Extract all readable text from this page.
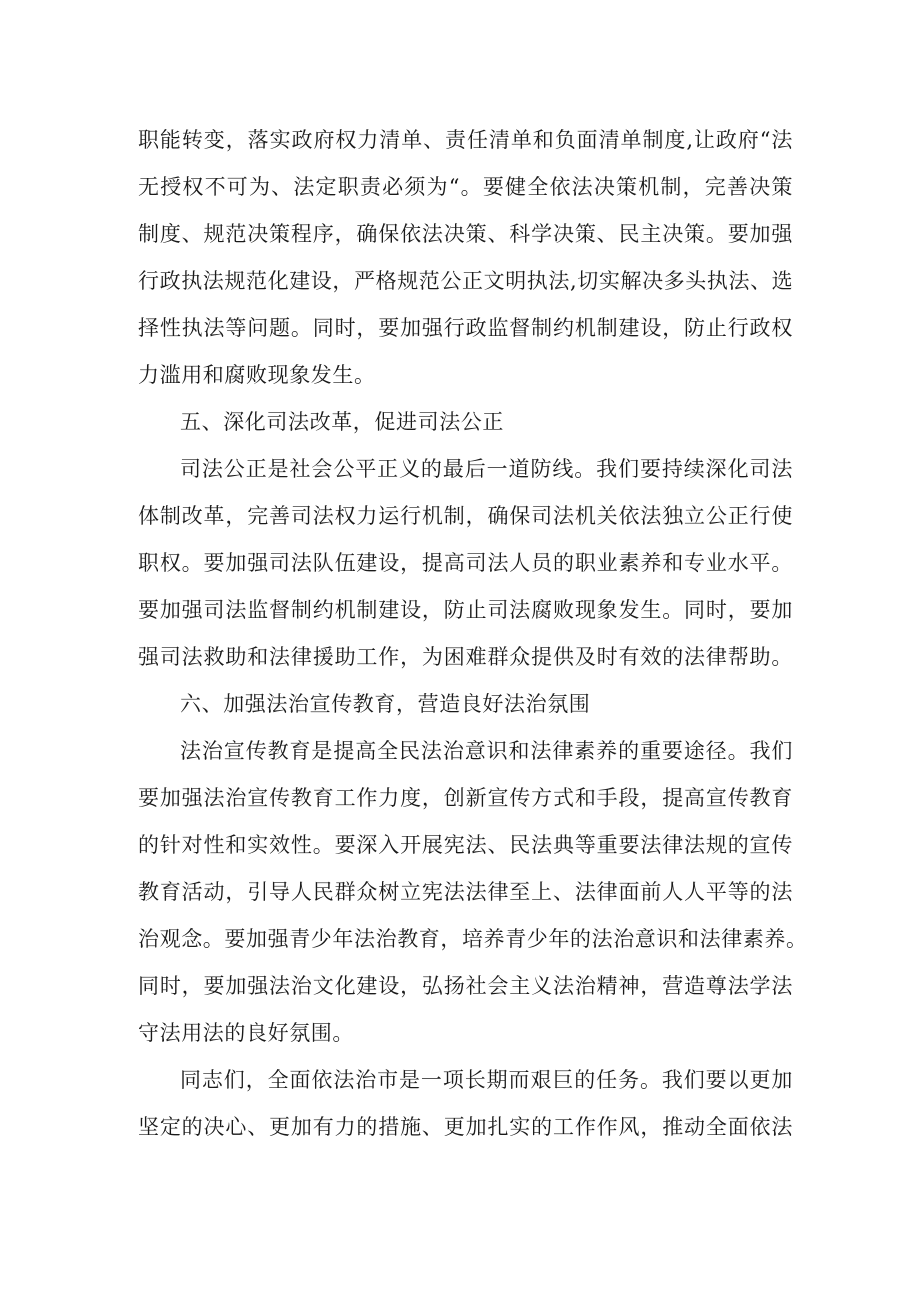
职能转变，落实政府权力清单、责任清单和负面清单制度,让政府“法
无授权不可为、法定职责必须为“。要健全依法决策机制，完善决策
制度、规范决策程序，确保依法决策、科学决策、民主决策。要加强
行政执法规范化建设，严格规范公正文明执法,切实解决多头执法、选
择性执法等问题。同时，要加强行政监督制约机制建设，防止行政权
力滥用和腐败现象发生。
五、深化司法改革，促进司法公正
司法公正是社会公平正义的最后一道防线。我们要持续深化司法
体制改革，完善司法权力运行机制，确保司法机关依法独立公正行使
职权。要加强司法队伍建设，提高司法人员的职业素养和专业水平。
要加强司法监督制约机制建设，防止司法腐败现象发生。同时，要加
强司法救助和法律援助工作，为困难群众提供及时有效的法律帮助。
六、加强法治宣传教育，营造良好法治氛围
法治宣传教育是提高全民法治意识和法律素养的重要途径。我们
要加强法治宣传教育工作力度，创新宣传方式和手段，提高宣传教育
的针对性和实效性。要深入开展宪法、民法典等重要法律法规的宣传
教育活动，引导人民群众树立宪法法律至上、法律面前人人平等的法
治观念。要加强青少年法治教育，培养青少年的法治意识和法律素养。
同时，要加强法治文化建设，弘扬社会主义法治精神，营造尊法学法
守法用法的良好氛围。
同志们，全面依法治市是一项长期而艰巨的任务。我们要以更加
坚定的决心、更加有力的措施、更加扎实的工作作风，推动全面依法
